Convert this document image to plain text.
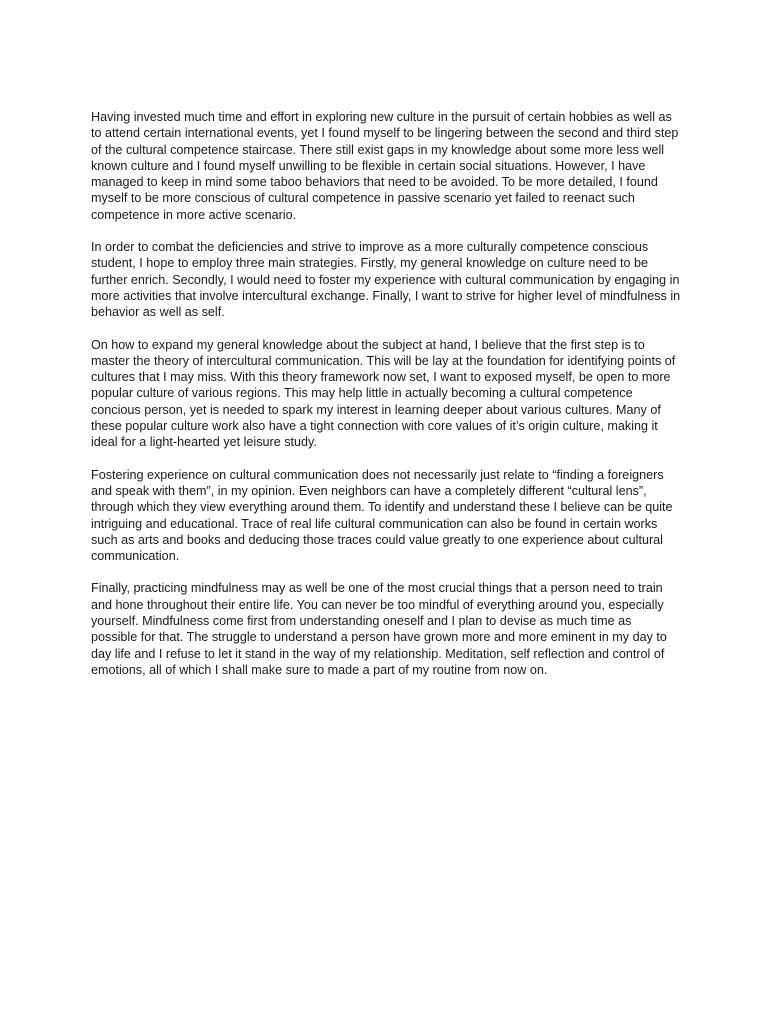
Having invested much time and effort in exploring new culture in the pursuit of certain hobbies as well as to attend certain international events, yet I found myself to be lingering between the second and third step of the cultural competence staircase. There still exist gaps in my knowledge about some more less well known culture and I found myself unwilling to be flexible in certain social situations. However, I have managed to keep in mind some taboo behaviors that need to be avoided. To be more detailed, I found myself to be more conscious of cultural competence in passive scenario yet failed to reenact such competence in more active scenario.

In order to combat the deficiencies and strive to improve as a more culturally competence conscious student, I hope to employ three main strategies. Firstly, my general knowledge on culture need to be further enrich. Secondly, I would need to foster my experience with cultural communication by engaging in more activities that involve intercultural exchange. Finally, I want to strive for higher level of mindfulness in behavior as well as self.

On how to expand my general knowledge about the subject at hand, I believe that the first step is to master the theory of intercultural communication. This will be lay at the foundation for identifying points of cultures that I may miss. With this theory framework now set, I want to exposed myself, be open to more popular culture of various regions. This may help little in actually becoming a cultural competence concious person, yet is needed to spark my interest in learning deeper about various cultures. Many of these popular culture work also have a tight connection with core values of it’s origin culture, making it ideal for a light-hearted yet leisure study.

Fostering experience on cultural communication does not necessarily just relate to “finding a foreigners and speak with them”, in my opinion. Even neighbors can have a completely different “cultural lens”, through which they view everything around them. To identify and understand these I believe can be quite intriguing and educational. Trace of real life cultural communication can also be found in certain works such as arts and books and deducing those traces could value greatly to one experience about cultural communication.

Finally, practicing mindfulness may as well be one of the most crucial things that a person need to train and hone throughout their entire life. You can never be too mindful of everything around you, especially yourself. Mindfulness come first from understanding oneself and I plan to devise as much time as possible for that. The struggle to understand a person have grown more and more eminent in my day to day life and I refuse to let it stand in the way of my relationship. Meditation, self reflection and control of emotions, all of which I shall make sure to made a part of my routine from now on.
